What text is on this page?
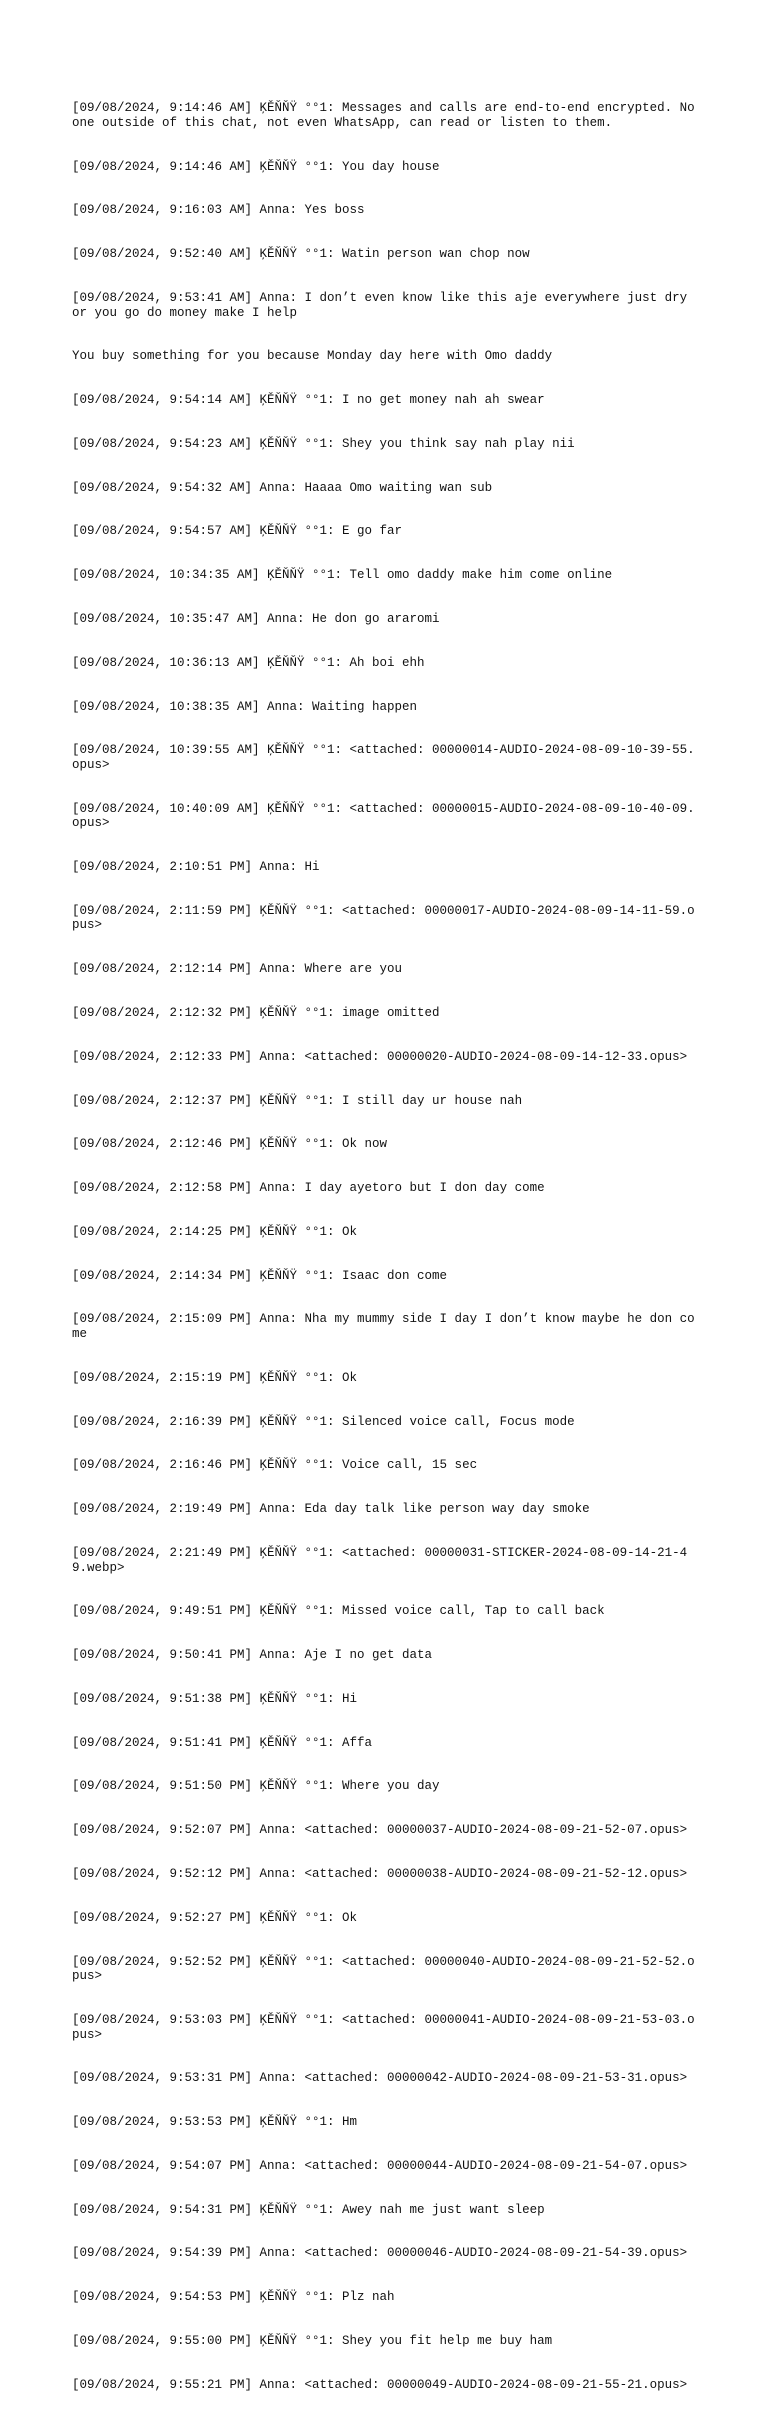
[09/08/2024, 9:14:46 AM] ĶĚŇŇŸ °°1: Messages and calls are end-to-end encrypted. No one outside of this chat, not even WhatsApp, can read or listen to them.

[09/08/2024, 9:14:46 AM] ĶĚŇŇŸ °°1: You day house

[09/08/2024, 9:16:03 AM] Anna: Yes boss

[09/08/2024, 9:52:40 AM] ĶĚŇŇŸ °°1: Watin person wan chop now

[09/08/2024, 9:53:41 AM] Anna: I don’t even know like this aje everywhere just dry or you go do money make I help

You buy something for you because Monday day here with Omo daddy

[09/08/2024, 9:54:14 AM] ĶĚŇŇŸ °°1: I no get money nah ah swear

[09/08/2024, 9:54:23 AM] ĶĚŇŇŸ °°1: Shey you think say nah play nii

[09/08/2024, 9:54:32 AM] Anna: Haaaa Omo waiting wan sub

[09/08/2024, 9:54:57 AM] ĶĚŇŇŸ °°1: E go far

[09/08/2024, 10:34:35 AM] ĶĚŇŇŸ °°1: Tell omo daddy make him come online

[09/08/2024, 10:35:47 AM] Anna: He don go araromi

[09/08/2024, 10:36:13 AM] ĶĚŇŇŸ °°1: Ah boi ehh

[09/08/2024, 10:38:35 AM] Anna: Waiting happen

[09/08/2024, 10:39:55 AM] ĶĚŇŇŸ °°1: <attached: 00000014-AUDIO-2024-08-09-10-39-55.opus>

[09/08/2024, 10:40:09 AM] ĶĚŇŇŸ °°1: <attached: 00000015-AUDIO-2024-08-09-10-40-09.opus>

[09/08/2024, 2:10:51 PM] Anna: Hi

[09/08/2024, 2:11:59 PM] ĶĚŇŇŸ °°1: <attached: 00000017-AUDIO-2024-08-09-14-11-59.opus>

[09/08/2024, 2:12:14 PM] Anna: Where are you

[09/08/2024, 2:12:32 PM] ĶĚŇŇŸ °°1: image omitted

[09/08/2024, 2:12:33 PM] Anna: <attached: 00000020-AUDIO-2024-08-09-14-12-33.opus>

[09/08/2024, 2:12:37 PM] ĶĚŇŇŸ °°1: I still day ur house nah

[09/08/2024, 2:12:46 PM] ĶĚŇŇŸ °°1: Ok now

[09/08/2024, 2:12:58 PM] Anna: I day ayetoro but I don day come

[09/08/2024, 2:14:25 PM] ĶĚŇŇŸ °°1: Ok

[09/08/2024, 2:14:34 PM] ĶĚŇŇŸ °°1: Isaac don come

[09/08/2024, 2:15:09 PM] Anna: Nha my mummy side I day I don’t know maybe he don come

[09/08/2024, 2:15:19 PM] ĶĚŇŇŸ °°1: Ok

[09/08/2024, 2:16:39 PM] ĶĚŇŇŸ °°1: Silenced voice call, Focus mode

[09/08/2024, 2:16:46 PM] ĶĚŇŇŸ °°1: Voice call, 15 sec

[09/08/2024, 2:19:49 PM] Anna: Eda day talk like person way day smoke

[09/08/2024, 2:21:49 PM] ĶĚŇŇŸ °°1: <attached: 00000031-STICKER-2024-08-09-14-21-49.webp>

[09/08/2024, 9:49:51 PM] ĶĚŇŇŸ °°1: Missed voice call, Tap to call back

[09/08/2024, 9:50:41 PM] Anna: Aje I no get data

[09/08/2024, 9:51:38 PM] ĶĚŇŇŸ °°1: Hi

[09/08/2024, 9:51:41 PM] ĶĚŇŇŸ °°1: Affa

[09/08/2024, 9:51:50 PM] ĶĚŇŇŸ °°1: Where you day

[09/08/2024, 9:52:07 PM] Anna: <attached: 00000037-AUDIO-2024-08-09-21-52-07.opus>

[09/08/2024, 9:52:12 PM] Anna: <attached: 00000038-AUDIO-2024-08-09-21-52-12.opus>

[09/08/2024, 9:52:27 PM] ĶĚŇŇŸ °°1: Ok

[09/08/2024, 9:52:52 PM] ĶĚŇŇŸ °°1: <attached: 00000040-AUDIO-2024-08-09-21-52-52.opus>

[09/08/2024, 9:53:03 PM] ĶĚŇŇŸ °°1: <attached: 00000041-AUDIO-2024-08-09-21-53-03.opus>

[09/08/2024, 9:53:31 PM] Anna: <attached: 00000042-AUDIO-2024-08-09-21-53-31.opus>

[09/08/2024, 9:53:53 PM] ĶĚŇŇŸ °°1: Hm

[09/08/2024, 9:54:07 PM] Anna: <attached: 00000044-AUDIO-2024-08-09-21-54-07.opus>

[09/08/2024, 9:54:31 PM] ĶĚŇŇŸ °°1: Awey nah me just want sleep

[09/08/2024, 9:54:39 PM] Anna: <attached: 00000046-AUDIO-2024-08-09-21-54-39.opus>

[09/08/2024, 9:54:53 PM] ĶĚŇŇŸ °°1: Plz nah

[09/08/2024, 9:55:00 PM] ĶĚŇŇŸ °°1: Shey you fit help me buy ham

[09/08/2024, 9:55:21 PM] Anna: <attached: 00000049-AUDIO-2024-08-09-21-55-21.opus>
